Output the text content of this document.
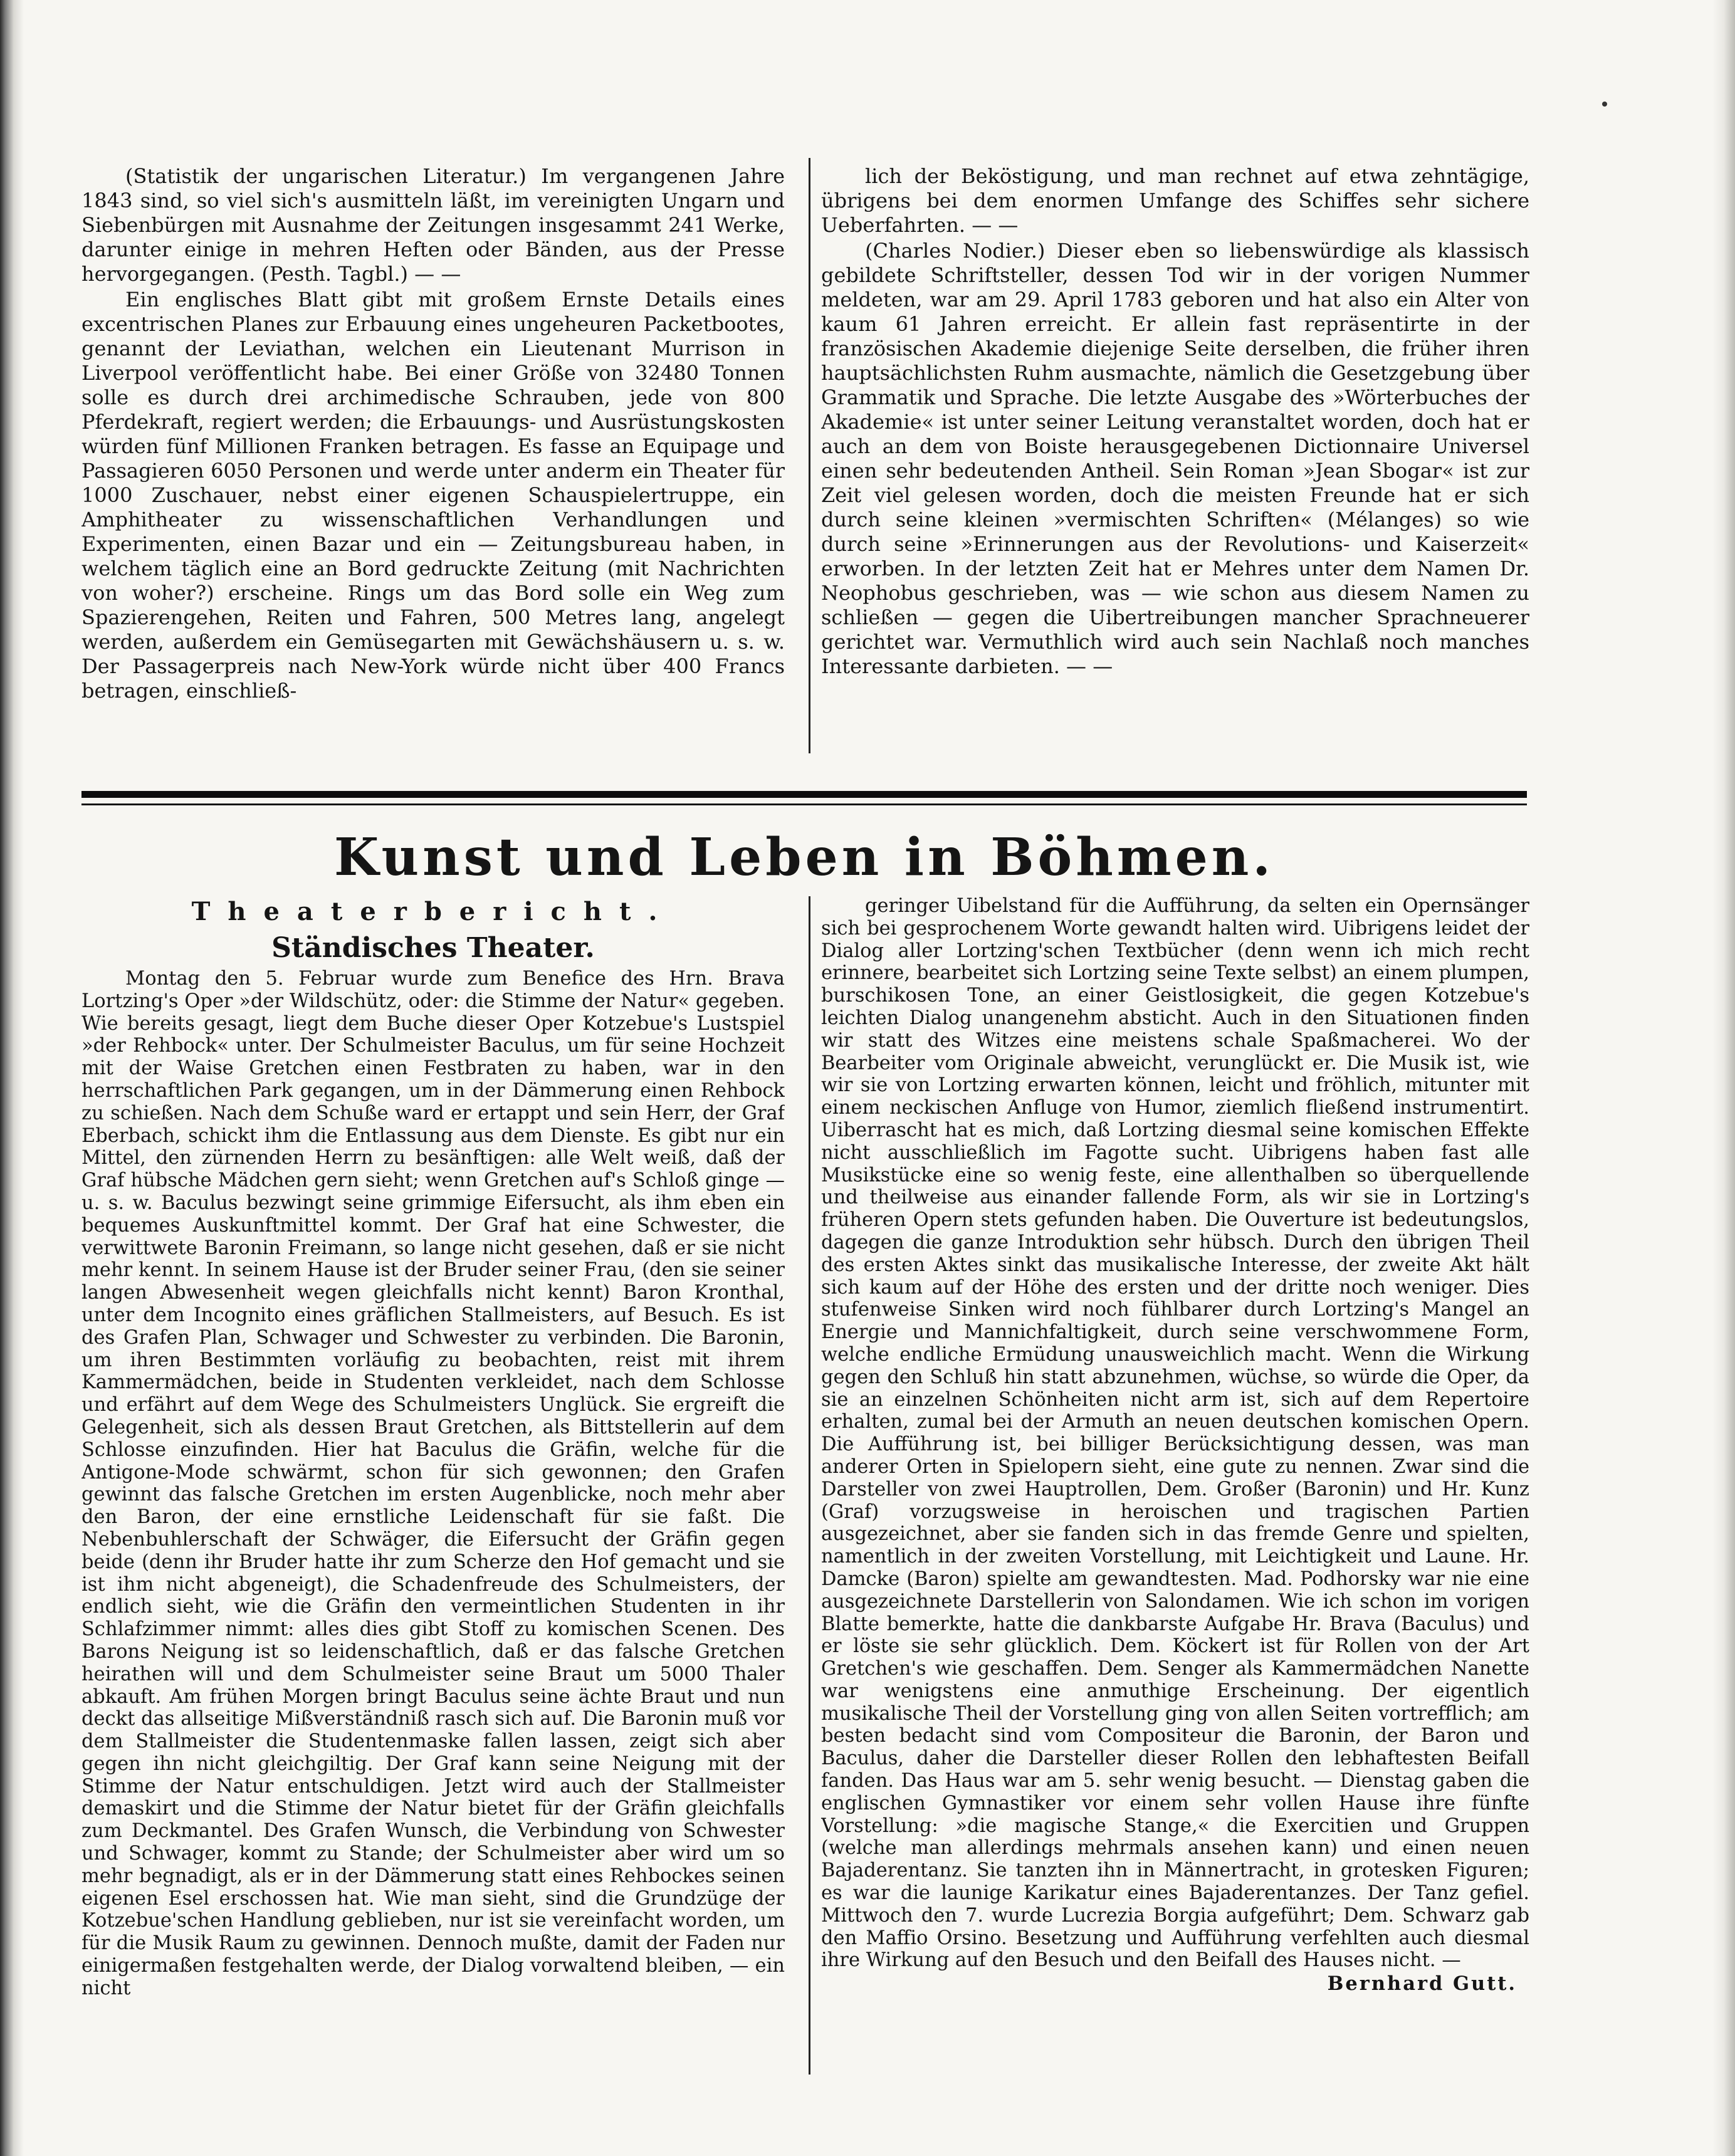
(Statistik der ungarischen Literatur.) Im vergangenen Jahre 1843 sind, so viel sich's ausmitteln läßt, im vereinigten Ungarn und Siebenbürgen mit Ausnahme der Zeitungen insgesammt 241 Werke, darunter einige in mehren Heften oder Bänden, aus der Presse hervorgegangen. (Pesth. Tagbl.) — —

Ein englisches Blatt gibt mit großem Ernste Details eines excentrischen Planes zur Erbauung eines ungeheuren Packetbootes, genannt der Leviathan, welchen ein Lieutenant Murrison in Liverpool veröffentlicht habe. Bei einer Größe von 32480 Tonnen solle es durch drei archimedische Schrauben, jede von 800 Pferdekraft, regiert werden; die Erbauungs- und Ausrüstungskosten würden fünf Millionen Franken betragen. Es fasse an Equipage und Passagieren 6050 Personen und werde unter anderm ein Theater für 1000 Zuschauer, nebst einer eigenen Schauspielertruppe, ein Amphitheater zu wissenschaftlichen Verhandlungen und Experimenten, einen Bazar und ein — Zeitungsbureau haben, in welchem täglich eine an Bord gedruckte Zeitung (mit Nachrichten von woher?) erscheine. Rings um das Bord solle ein Weg zum Spazierengehen, Reiten und Fahren, 500 Metres lang, angelegt werden, außerdem ein Gemüsegarten mit Gewächshäusern u. s. w. Der Passagerpreis nach New-York würde nicht über 400 Francs betragen, einschließ-

lich der Beköstigung, und man rechnet auf etwa zehntägige, übrigens bei dem enormen Umfange des Schiffes sehr sichere Ueberfahrten. — —

(Charles Nodier.) Dieser eben so liebenswürdige als klassisch gebildete Schriftsteller, dessen Tod wir in der vorigen Nummer meldeten, war am 29. April 1783 geboren und hat also ein Alter von kaum 61 Jahren erreicht. Er allein fast repräsentirte in der französischen Akademie diejenige Seite derselben, die früher ihren hauptsächlichsten Ruhm ausmachte, nämlich die Gesetzgebung über Grammatik und Sprache. Die letzte Ausgabe des »Wörterbuches der Akademie« ist unter seiner Leitung veranstaltet worden, doch hat er auch an dem von Boiste herausgegebenen Dictionnaire Universel einen sehr bedeutenden Antheil. Sein Roman »Jean Sbogar« ist zur Zeit viel gelesen worden, doch die meisten Freunde hat er sich durch seine kleinen »vermischten Schriften« (Mélanges) so wie durch seine »Erinnerungen aus der Revolutions- und Kaiserzeit« erworben. In der letzten Zeit hat er Mehres unter dem Namen Dr. Neophobus geschrieben, was — wie schon aus diesem Namen zu schließen — gegen die Uibertreibungen mancher Sprachneuerer gerichtet war. Vermuthlich wird auch sein Nachlaß noch manches Interessante darbieten. — —

Kunst und Leben in Böhmen.

Theaterbericht.

Ständisches Theater.

Montag den 5. Februar wurde zum Benefice des Hrn. Brava Lortzing's Oper »der Wildschütz, oder: die Stimme der Natur« gegeben. Wie bereits gesagt, liegt dem Buche dieser Oper Kotzebue's Lustspiel »der Rehbock« unter. Der Schulmeister Baculus, um für seine Hochzeit mit der Waise Gretchen einen Festbraten zu haben, war in den herrschaftlichen Park gegangen, um in der Dämmerung einen Rehbock zu schießen. Nach dem Schuße ward er ertappt und sein Herr, der Graf Eberbach, schickt ihm die Entlassung aus dem Dienste. Es gibt nur ein Mittel, den zürnenden Herrn zu besänftigen: alle Welt weiß, daß der Graf hübsche Mädchen gern sieht; wenn Gretchen auf's Schloß ginge — u. s. w. Baculus bezwingt seine grimmige Eifersucht, als ihm eben ein bequemes Auskunftmittel kommt. Der Graf hat eine Schwester, die verwittwete Baronin Freimann, so lange nicht gesehen, daß er sie nicht mehr kennt. In seinem Hause ist der Bruder seiner Frau, (den sie seiner langen Abwesenheit wegen gleichfalls nicht kennt) Baron Kronthal, unter dem Incognito eines gräflichen Stallmeisters, auf Besuch. Es ist des Grafen Plan, Schwager und Schwester zu verbinden. Die Baronin, um ihren Bestimmten vorläufig zu beobachten, reist mit ihrem Kammermädchen, beide in Studenten verkleidet, nach dem Schlosse und erfährt auf dem Wege des Schulmeisters Unglück. Sie ergreift die Gelegenheit, sich als dessen Braut Gretchen, als Bittstellerin auf dem Schlosse einzufinden. Hier hat Baculus die Gräfin, welche für die Antigone-Mode schwärmt, schon für sich gewonnen; den Grafen gewinnt das falsche Gretchen im ersten Augenblicke, noch mehr aber den Baron, der eine ernstliche Leidenschaft für sie faßt. Die Nebenbuhlerschaft der Schwäger, die Eifersucht der Gräfin gegen beide (denn ihr Bruder hatte ihr zum Scherze den Hof gemacht und sie ist ihm nicht abgeneigt), die Schadenfreude des Schulmeisters, der endlich sieht, wie die Gräfin den vermeintlichen Studenten in ihr Schlafzimmer nimmt: alles dies gibt Stoff zu komischen Scenen. Des Barons Neigung ist so leidenschaftlich, daß er das falsche Gretchen heirathen will und dem Schulmeister seine Braut um 5000 Thaler abkauft. Am frühen Morgen bringt Baculus seine ächte Braut und nun deckt das allseitige Mißverständniß rasch sich auf. Die Baronin muß vor dem Stallmeister die Studentenmaske fallen lassen, zeigt sich aber gegen ihn nicht gleichgiltig. Der Graf kann seine Neigung mit der Stimme der Natur entschuldigen. Jetzt wird auch der Stallmeister demaskirt und die Stimme der Natur bietet für der Gräfin gleichfalls zum Deckmantel. Des Grafen Wunsch, die Verbindung von Schwester und Schwager, kommt zu Stande; der Schulmeister aber wird um so mehr begnadigt, als er in der Dämmerung statt eines Rehbockes seinen eigenen Esel erschossen hat. Wie man sieht, sind die Grundzüge der Kotzebue'schen Handlung geblieben, nur ist sie vereinfacht worden, um für die Musik Raum zu gewinnen. Dennoch mußte, damit der Faden nur einigermaßen festgehalten werde, der Dialog vorwaltend bleiben, — ein nicht

geringer Uibelstand für die Aufführung, da selten ein Opernsänger sich bei gesprochenem Worte gewandt halten wird. Uibrigens leidet der Dialog aller Lortzing'schen Textbücher (denn wenn ich mich recht erinnere, bearbeitet sich Lortzing seine Texte selbst) an einem plumpen, burschikosen Tone, an einer Geistlosigkeit, die gegen Kotzebue's leichten Dialog unangenehm absticht. Auch in den Situationen finden wir statt des Witzes eine meistens schale Spaßmacherei. Wo der Bearbeiter vom Originale abweicht, verunglückt er. Die Musik ist, wie wir sie von Lortzing erwarten können, leicht und fröhlich, mitunter mit einem neckischen Anfluge von Humor, ziemlich fließend instrumentirt. Uiberrascht hat es mich, daß Lortzing diesmal seine komischen Effekte nicht ausschließlich im Fagotte sucht. Uibrigens haben fast alle Musikstücke eine so wenig feste, eine allenthalben so überquellende und theilweise aus einander fallende Form, als wir sie in Lortzing's früheren Opern stets gefunden haben. Die Ouverture ist bedeutungslos, dagegen die ganze Introduktion sehr hübsch. Durch den übrigen Theil des ersten Aktes sinkt das musikalische Interesse, der zweite Akt hält sich kaum auf der Höhe des ersten und der dritte noch weniger. Dies stufenweise Sinken wird noch fühlbarer durch Lortzing's Mangel an Energie und Mannichfaltigkeit, durch seine verschwommene Form, welche endliche Ermüdung unausweichlich macht. Wenn die Wirkung gegen den Schluß hin statt abzunehmen, wüchse, so würde die Oper, da sie an einzelnen Schönheiten nicht arm ist, sich auf dem Repertoire erhalten, zumal bei der Armuth an neuen deutschen komischen Opern. Die Aufführung ist, bei billiger Berücksichtigung dessen, was man anderer Orten in Spielopern sieht, eine gute zu nennen. Zwar sind die Darsteller von zwei Hauptrollen, Dem. Großer (Baronin) und Hr. Kunz (Graf) vorzugsweise in heroischen und tragischen Partien ausgezeichnet, aber sie fanden sich in das fremde Genre und spielten, namentlich in der zweiten Vorstellung, mit Leichtigkeit und Laune. Hr. Damcke (Baron) spielte am gewandtesten. Mad. Podhorsky war nie eine ausgezeichnete Darstellerin von Salondamen. Wie ich schon im vorigen Blatte bemerkte, hatte die dankbarste Aufgabe Hr. Brava (Baculus) und er löste sie sehr glücklich. Dem. Köckert ist für Rollen von der Art Gretchen's wie geschaffen. Dem. Senger als Kammermädchen Nanette war wenigstens eine anmuthige Erscheinung. Der eigentlich musikalische Theil der Vorstellung ging von allen Seiten vortrefflich; am besten bedacht sind vom Compositeur die Baronin, der Baron und Baculus, daher die Darsteller dieser Rollen den lebhaftesten Beifall fanden. Das Haus war am 5. sehr wenig besucht. — Dienstag gaben die englischen Gymnastiker vor einem sehr vollen Hause ihre fünfte Vorstellung: »die magische Stange,« die Exercitien und Gruppen (welche man allerdings mehrmals ansehen kann) und einen neuen Bajaderentanz. Sie tanzten ihn in Männertracht, in grotesken Figuren; es war die launige Karikatur eines Bajaderentanzes. Der Tanz gefiel. Mittwoch den 7. wurde Lucrezia Borgia aufgeführt; Dem. Schwarz gab den Maffio Orsino. Besetzung und Aufführung verfehlten auch diesmal ihre Wirkung auf den Besuch und den Beifall des Hauses nicht. —

Bernhard Gutt.
